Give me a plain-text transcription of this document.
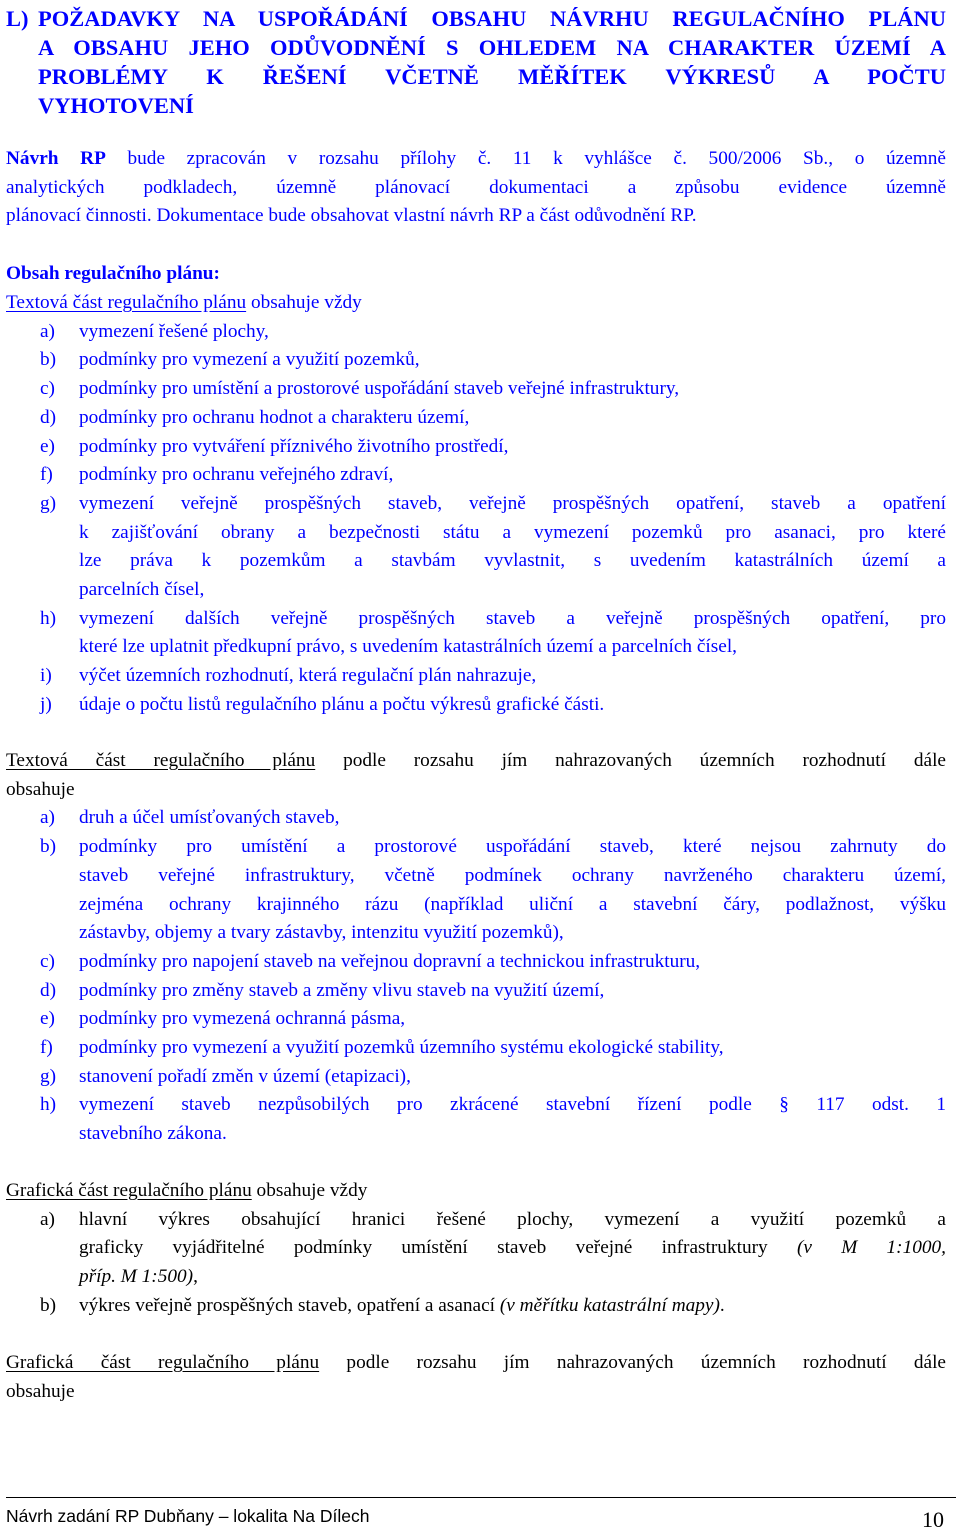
L) POŽADAVKY NA USPOŘÁDÁNÍ OBSAHU NÁVRHU REGULAČNÍHO PLÁNU
A OBSAHU JEHO ODŮVODNĚNÍ S OHLEDEM NA CHARAKTER ÚZEMÍ A
PROBLÉMY K ŘEŠENÍ VČETNĚ MĚŘÍTEK VÝKRESŮ A POČTU
VYHOTOVENÍ
Návrh RP bude zpracován v rozsahu přílohy č. 11 k vyhlášce č. 500/2006 Sb., o územně
analytických podkladech, územně plánovací dokumentaci a způsobu evidence územně
plánovací činnosti. Dokumentace bude obsahovat vlastní návrh RP a část odůvodnění RP.
Obsah regulačního plánu:
Textová část regulačního plánu obsahuje vždy
a) vymezení řešené plochy,
b) podmínky pro vymezení a využití pozemků,
c) podmínky pro umístění a prostorové uspořádání staveb veřejné infrastruktury,
d) podmínky pro ochranu hodnot a charakteru území,
e) podmínky pro vytváření příznivého životního prostředí,
f) podmínky pro ochranu veřejného zdraví,
g) vymezení veřejně prospěšných staveb, veřejně prospěšných opatření, staveb a opatření
k zajišťování obrany a bezpečnosti státu a vymezení pozemků pro asanaci, pro které
lze práva k pozemkům a stavbám vyvlastnit, s uvedením katastrálních území a
parcelních čísel,
h) vymezení dalších veřejně prospěšných staveb a veřejně prospěšných opatření, pro
které lze uplatnit předkupní právo, s uvedením katastrálních území a parcelních čísel,
i) výčet územních rozhodnutí, která regulační plán nahrazuje,
j) údaje o počtu listů regulačního plánu a počtu výkresů grafické části.
Textová část regulačního plánu podle rozsahu jím nahrazovaných územních rozhodnutí dále
obsahuje
a) druh a účel umísťovaných staveb,
b) podmínky pro umístění a prostorové uspořádání staveb, které nejsou zahrnuty do
staveb veřejné infrastruktury, včetně podmínek ochrany navrženého charakteru území,
zejména ochrany krajinného rázu (například uliční a stavební čáry, podlažnost, výšku
zástavby, objemy a tvary zástavby, intenzitu využití pozemků),
c) podmínky pro napojení staveb na veřejnou dopravní a technickou infrastrukturu,
d) podmínky pro změny staveb a změny vlivu staveb na využití území,
e) podmínky pro vymezená ochranná pásma,
f) podmínky pro vymezení a využití pozemků územního systému ekologické stability,
g) stanovení pořadí změn v území (etapizaci),
h) vymezení staveb nezpůsobilých pro zkrácené stavební řízení podle § 117 odst. 1
stavebního zákona.
Grafická část regulačního plánu obsahuje vždy
a) hlavní výkres obsahující hranici řešené plochy, vymezení a využití pozemků a
graficky vyjádřitelné podmínky umístění staveb veřejné infrastruktury (v M 1:1000,
příp. M 1:500),
b) výkres veřejně prospěšných staveb, opatření a asanací (v měřítku katastrální mapy).
Grafická část regulačního plánu podle rozsahu jím nahrazovaných územních rozhodnutí dále
obsahuje
Návrh zadání RP Dubňany – lokalita Na Dílech	10
